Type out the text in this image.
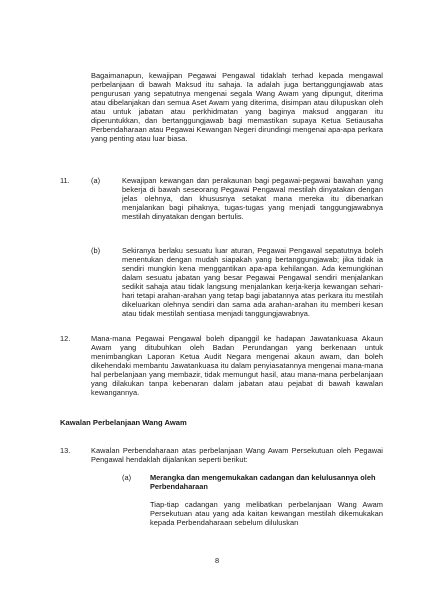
Bagaimanapun, kewajipan Pegawai Pengawal tidaklah terhad kepada mengawal perbelanjaan di bawah Maksud itu sahaja. Ia adalah juga bertanggungjawab atas pengurusan yang sepatutnya mengenai segala Wang Awam yang dipungut, diterima atau dibelanjakan dan semua Aset Awam yang diterima, disimpan atau dilupuskan oleh atau untuk jabatan atau perkhidmatan yang baginya maksud anggaran itu diperuntukkan, dan bertanggungjawab bagi memastikan supaya Ketua Setiausaha Perbendaharaan atau Pegawai Kewangan Negeri dirundingi mengenai apa-apa perkara yang penting atau luar biasa.

11.	(a)	Kewajipan kewangan dan perakaunan bagi pegawai-pegawai bawahan yang bekerja di bawah seseorang Pegawai Pengawal mestilah dinyatakan dengan jelas olehnya, dan khususnya setakat mana mereka itu dibenarkan menjalankan bagi pihaknya, tugas-tugas yang menjadi tanggungjawabnya mestilah dinyatakan dengan bertulis.

(b)	Sekiranya berlaku sesuatu luar aturan, Pegawai Pengawal sepatutnya boleh menentukan dengan mudah siapakah yang bertanggungjawab; jika tidak ia sendiri mungkin kena menggantikan apa-apa kehilangan. Ada kemungkinan dalam sesuatu jabatan yang besar Pegawai Pengawal sendiri menjalankan sedikit sahaja atau tidak langsung menjalankan kerja-kerja kewangan sehari-hari tetapi arahan-arahan yang tetap bagi jabatannya atas perkara itu mestilah dikeluarkan olehnya sendiri dan sama ada arahan-arahan itu memberi kesan atau tidak mestilah sentiasa menjadi tanggungjawabnya.

12.	Mana-mana Pegawai Pengawal boleh dipanggil ke hadapan Jawatankuasa Akaun Awam yang ditubuhkan oleh Badan Perundangan yang berkenaan untuk menimbangkan Laporan Ketua Audit Negara mengenai akaun awam, dan boleh dikehendaki membantu Jawatankuasa itu dalam penyiasatannya mengenai mana-mana hal perbelanjaan yang membazir, tidak memungut hasil, atau mana-mana perbelanjaan yang dilakukan tanpa kebenaran dalam jabatan atau pejabat di bawah kawalan kewangannya.

Kawalan Perbelanjaan Wang Awam

13.	Kawalan Perbendaharaan atas perbelanjaan Wang Awam Persekutuan oleh Pegawai Pengawal hendaklah dijalankan seperti berikut:

(a)	Merangka dan mengemukakan cadangan dan kelulusannya oleh Perbendaharaan

Tiap-tiap cadangan yang melibatkan perbelanjaan Wang Awam Persekutuan atau yang ada kaitan kewangan mestilah dikemukakan kepada Perbendaharaan sebelum diluluskan

8
